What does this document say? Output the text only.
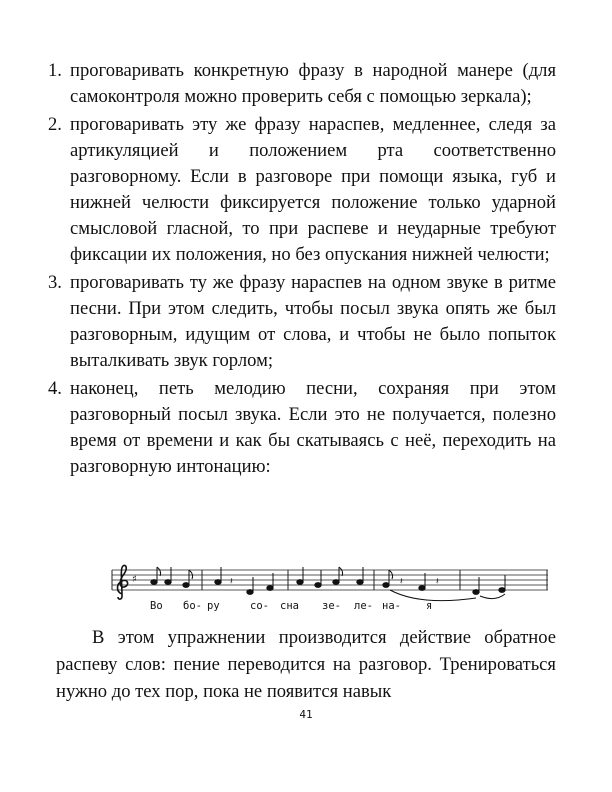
1. проговаривать конкретную фразу в народной манере (для самоконтроля можно проверить себя с помощью зеркала);
2. проговаривать эту же фразу нараспев, медленнее, следя за артикуляцией и положением рта соответственно разговорному. Если в разговоре при помощи языка, губ и нижней челюсти фиксируется положение только ударной смысловой гласной, то при распеве и неударные требуют фиксации их положения, но без опускания нижней челюсти;
3. проговаривать ту же фразу нараспев на одном звуке в ритме песни. При этом следить, чтобы посыл звука опять же был разговорным, идущим от слова, и чтобы не было попыток выталкивать звук горлом;
4. наконец, петь мелодию песни, сохраняя при этом разговорный посыл звука. Если это не получается, полезно время от времени и как бы скатываясь с неё, переходить на разговорную интонацию:
♯	𝄽	𝄽	𝄽
Во бо- ру	со- сна зе- ле- на- я

В этом упражнении производится действие обратное распеву слов: пение переводится на разговор. Тренироваться нужно до тех пор, пока не появится навык

41
